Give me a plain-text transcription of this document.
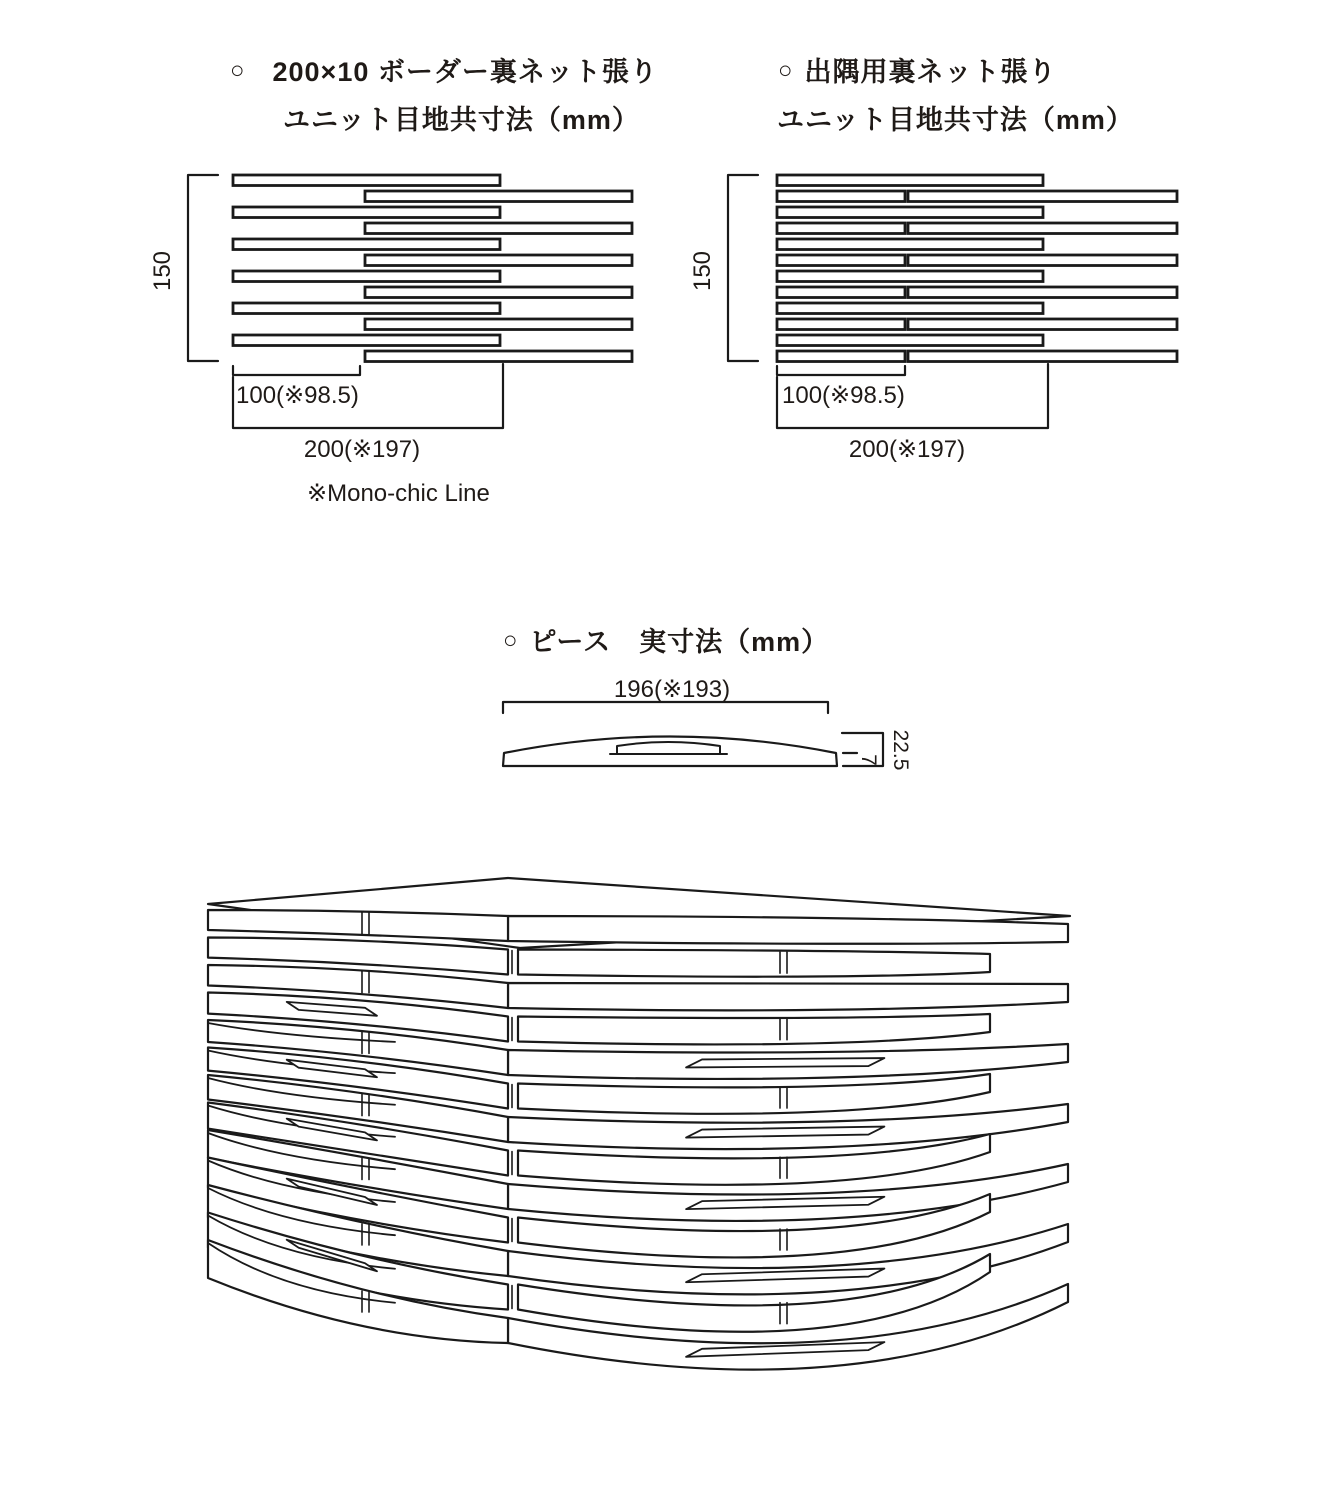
○ 200×10 ボーダー裏ネット張り
ユニット目地共寸法（mm）
○ 出隅用裏ネット張り
ユニット目地共寸法（mm）
150
100(※98.5)
200(※197)
※Mono-chic Line
150
100(※98.5)
200(※197)
○ ピース　実寸法（mm）
196(※193)
22.5
7
